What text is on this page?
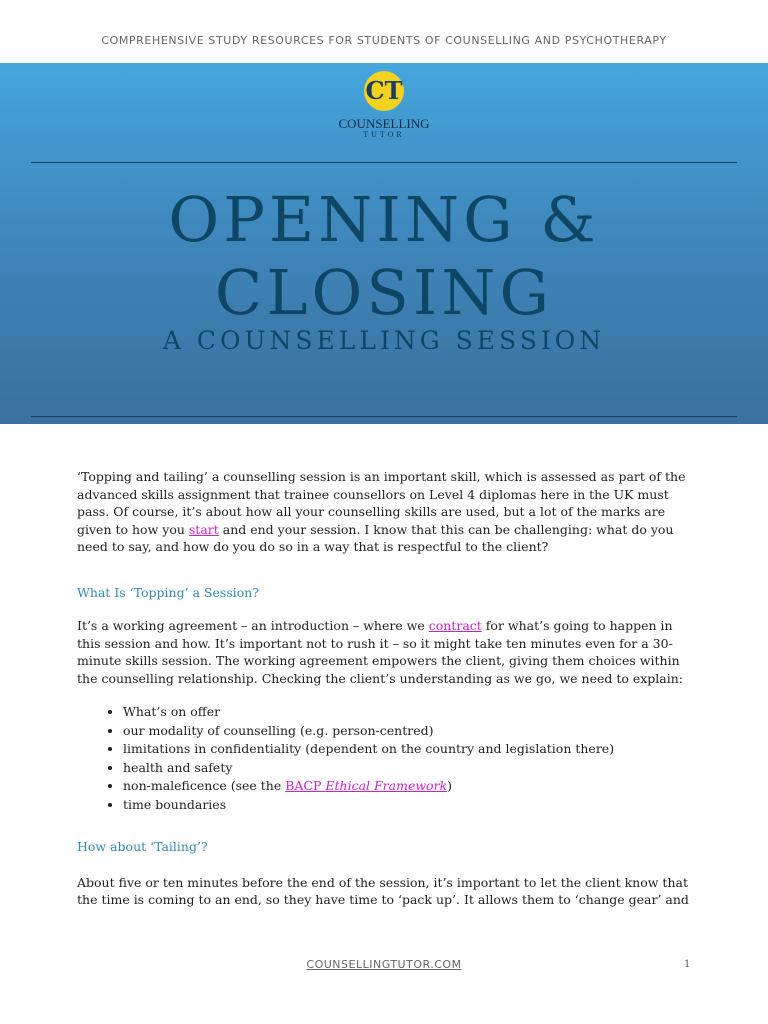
COMPREHENSIVE STUDY RESOURCES FOR STUDENTS OF COUNSELLING AND PSYCHOTHERAPY
CT
COUNSELLING
TUTOR
OPENING &
CLOSING
A COUNSELLING SESSION

‘Topping and tailing’ a counselling session is an important skill, which is assessed as part of the advanced skills assignment that trainee counsellors on Level 4 diplomas here in the UK must pass. Of course, it’s about how all your counselling skills are used, but a lot of the marks are given to how you start and end your session. I know that this can be challenging: what do you need to say, and how do you do so in a way that is respectful to the client?

What Is ‘Topping’ a Session?

It’s a working agreement – an introduction – where we contract for what’s going to happen in this session and how. It’s important not to rush it – so it might take ten minutes even for a 30-minute skills session. The working agreement empowers the client, giving them choices within the counselling relationship. Checking the client’s understanding as we go, we need to explain:

• What’s on offer
• our modality of counselling (e.g. person-centred)
• limitations in confidentiality (dependent on the country and legislation there)
• health and safety
• non-maleficence (see the BACP Ethical Framework)
• time boundaries

How about ‘Tailing’?

About five or ten minutes before the end of the session, it’s important to let the client know that the time is coming to an end, so they have time to ‘pack up’. It allows them to ‘change gear’ and

COUNSELLINGTUTOR.COM	1
